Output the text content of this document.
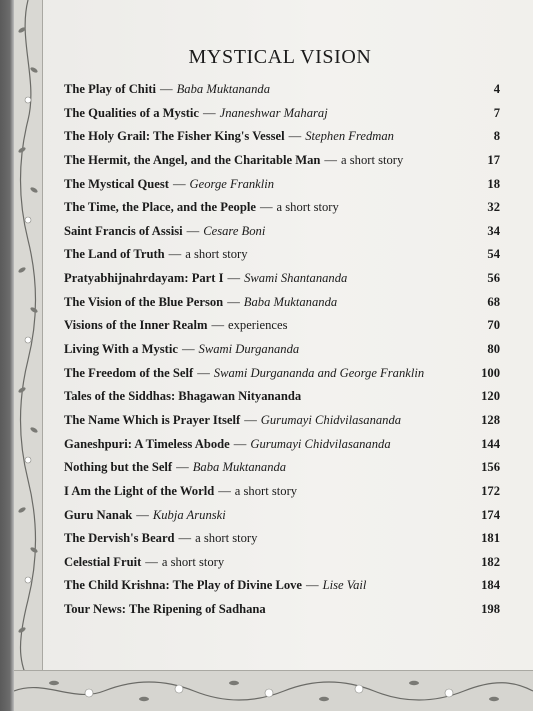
MYSTICAL VISION
The Play of Chiti — Baba Muktananda	4
The Qualities of a Mystic — Jnaneshwar Maharaj	7
The Holy Grail: The Fisher King's Vessel — Stephen Fredman	8
The Hermit, the Angel, and the Charitable Man — a short story	17
The Mystical Quest — George Franklin	18
The Time, the Place, and the People — a short story	32
Saint Francis of Assisi — Cesare Boni	34
The Land of Truth — a short story	54
Pratyabhijnahrdayam: Part I — Swami Shantananda	56
The Vision of the Blue Person — Baba Muktananda	68
Visions of the Inner Realm — experiences	70
Living With a Mystic — Swami Durgananda	80
The Freedom of the Self — Swami Durgananda and George Franklin	100
Tales of the Siddhas: Bhagawan Nityananda	120
The Name Which is Prayer Itself — Gurumayi Chidvilasananda	128
Ganeshpuri: A Timeless Abode — Gurumayi Chidvilasananda	144
Nothing but the Self — Baba Muktananda	156
I Am the Light of the World — a short story	172
Guru Nanak — Kubja Arunski	174
The Dervish's Beard — a short story	181
Celestial Fruit — a short story	182
The Child Krishna: The Play of Divine Love — Lise Vail	184
Tour News: The Ripening of Sadhana	198
